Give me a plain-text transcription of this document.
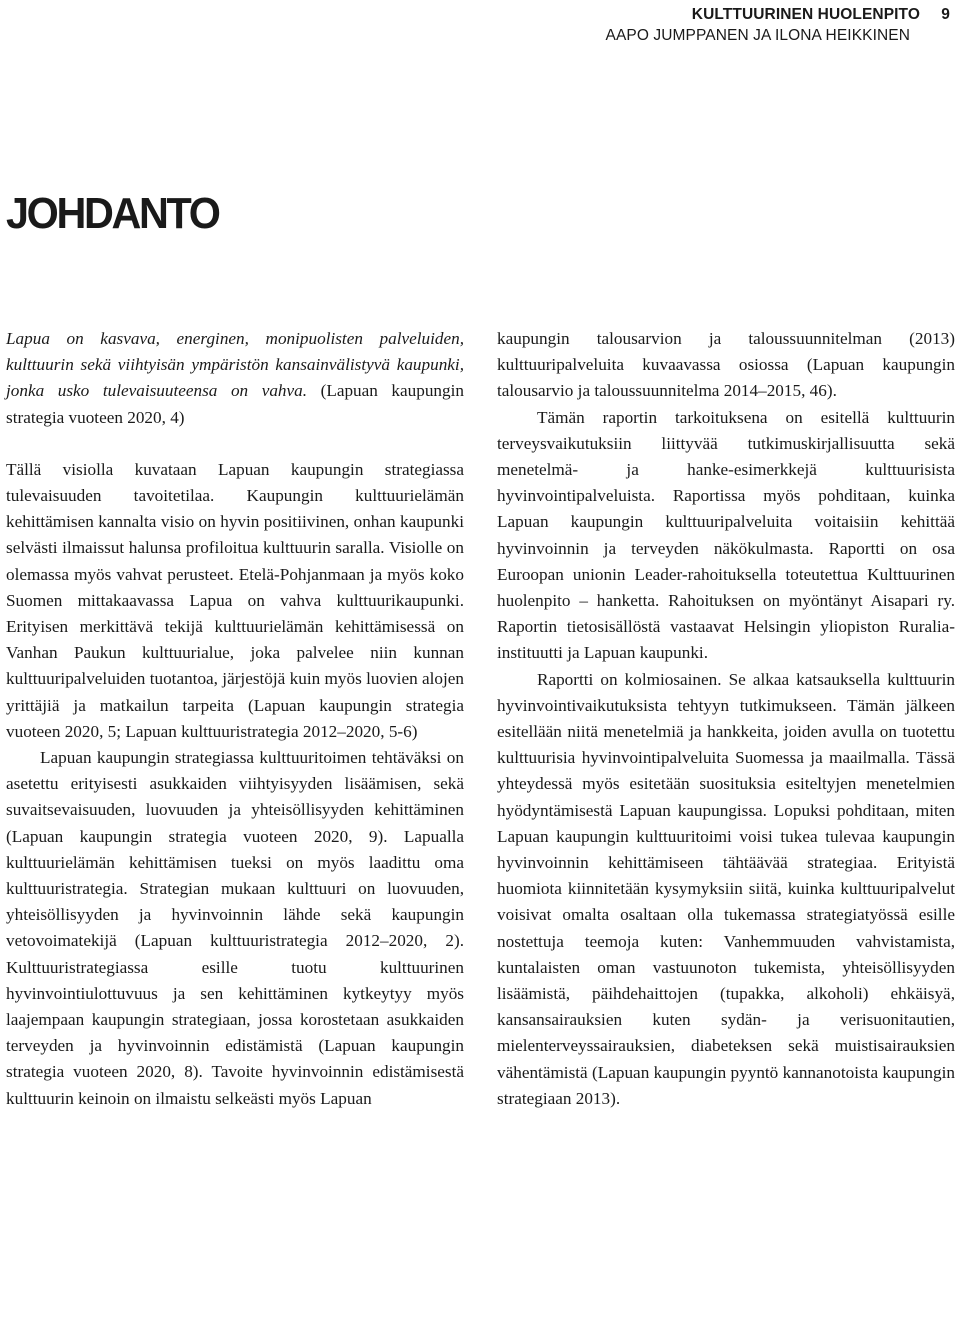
KULTTUURINEN HUOLENPITO 9
AAPO JUMPPANEN JA ILONA HEIKKINEN
JOHDANTO

Lapua on kasvava, energinen, monipuolisten palveluiden, kulttuurin sekä viihtyisän ympäristön kansainvälistyvä kaupunki, jonka usko tulevaisuuteensa on vahva. (Lapuan kaupungin strategia vuoteen 2020, 4)

Tällä visiolla kuvataan Lapuan kaupungin strategiassa tulevaisuuden tavoitetilaa. Kaupungin kulttuurielämän kehittämisen kannalta visio on hyvin positiivinen, onhan kaupunki selvästi ilmaissut halunsa profiloitua kulttuurin saralla. Visiolle on olemassa myös vahvat perusteet. Etelä-Pohjanmaan ja myös koko Suomen mittakaavassa Lapua on vahva kulttuurikaupunki. Erityisen merkittävä tekijä kulttuurielämän kehittämisessä on Vanhan Paukun kulttuurialue, joka palvelee niin kunnan kulttuuripalveluiden tuotantoa, järjestöjä kuin myös luovien alojen yrittäjiä ja matkailun tarpeita (Lapuan kaupungin strategia vuoteen 2020, 5; Lapuan kulttuuristrategia 2012–2020, 5-6)

Lapuan kaupungin strategiassa kulttuuritoimen tehtäväksi on asetettu erityisesti asukkaiden viihtyisyyden lisäämisen, sekä suvaitsevaisuuden, luovuuden ja yhteisöllisyyden kehittäminen (Lapuan kaupungin strategia vuoteen 2020, 9). Lapualla kulttuurielämän kehittämisen tueksi on myös laadittu oma kulttuuristrategia. Strategian mukaan kulttuuri on luovuuden, yhteisöllisyyden ja hyvinvoinnin lähde sekä kaupungin vetovoimatekijä (Lapuan kulttuuristrategia 2012–2020, 2). Kulttuuristrategiassa esille tuotu kulttuurinen hyvinvointiulottuvuus ja sen kehittäminen kytkeytyy myös laajempaan kaupungin strategiaan, jossa korostetaan asukkaiden terveyden ja hyvinvoinnin edistämistä (Lapuan kaupungin strategia vuoteen 2020, 8). Tavoite hyvinvoinnin edistämisestä kulttuurin keinoin on ilmaistu selkeästi myös Lapuan

kaupungin talousarvion ja taloussuunnitelman (2013) kulttuuripalveluita kuvaavassa osiossa (Lapuan kaupungin talousarvio ja taloussuunnitelma 2014–2015, 46).

Tämän raportin tarkoituksena on esitellä kulttuurin terveysvaikutuksiin liittyvää tutkimuskirjallisuutta sekä menetelmä- ja hanke-esimerkkejä kulttuurisista hyvinvointipalveluista. Raportissa myös pohditaan, kuinka Lapuan kaupungin kulttuuripalveluita voitaisiin kehittää hyvinvoinnin ja terveyden näkökulmasta. Raportti on osa Euroopan unionin Leader-rahoituksella toteutettua Kulttuurinen huolenpito – hanketta. Rahoituksen on myöntänyt Aisapari ry. Raportin tietosisällöstä vastaavat Helsingin yliopiston Ruralia-instituutti ja Lapuan kaupunki.

Raportti on kolmiosainen. Se alkaa katsauksella kulttuurin hyvinvointivaikutuksista tehtyyn tutkimukseen. Tämän jälkeen esitellään niitä menetelmiä ja hankkeita, joiden avulla on tuotettu kulttuurisia hyvinvointipalveluita Suomessa ja maailmalla. Tässä yhteydessä myös esitetään suosituksia esiteltyjen menetelmien hyödyntämisestä Lapuan kaupungissa. Lopuksi pohditaan, miten Lapuan kaupungin kulttuuritoimi voisi tukea tulevaa kaupungin hyvinvoinnin kehittämiseen tähtäävää strategiaa. Erityistä huomiota kiinnitetään kysymyksiin siitä, kuinka kulttuuripalvelut voisivat omalta osaltaan olla tukemassa strategiatyössä esille nostettuja teemoja kuten: Vanhemmuuden vahvistamista, kuntalaisten oman vastuunoton tukemista, yhteisöllisyyden lisäämistä, päihdehaittojen (tupakka, alkoholi) ehkäisyä, kansansairauksien kuten sydän- ja verisuonitautien, mielenterveyssairauksien, diabeteksen sekä muistisairauksien vähentämistä (Lapuan kaupungin pyyntö kannanotoista kaupungin strategiaan 2013).
